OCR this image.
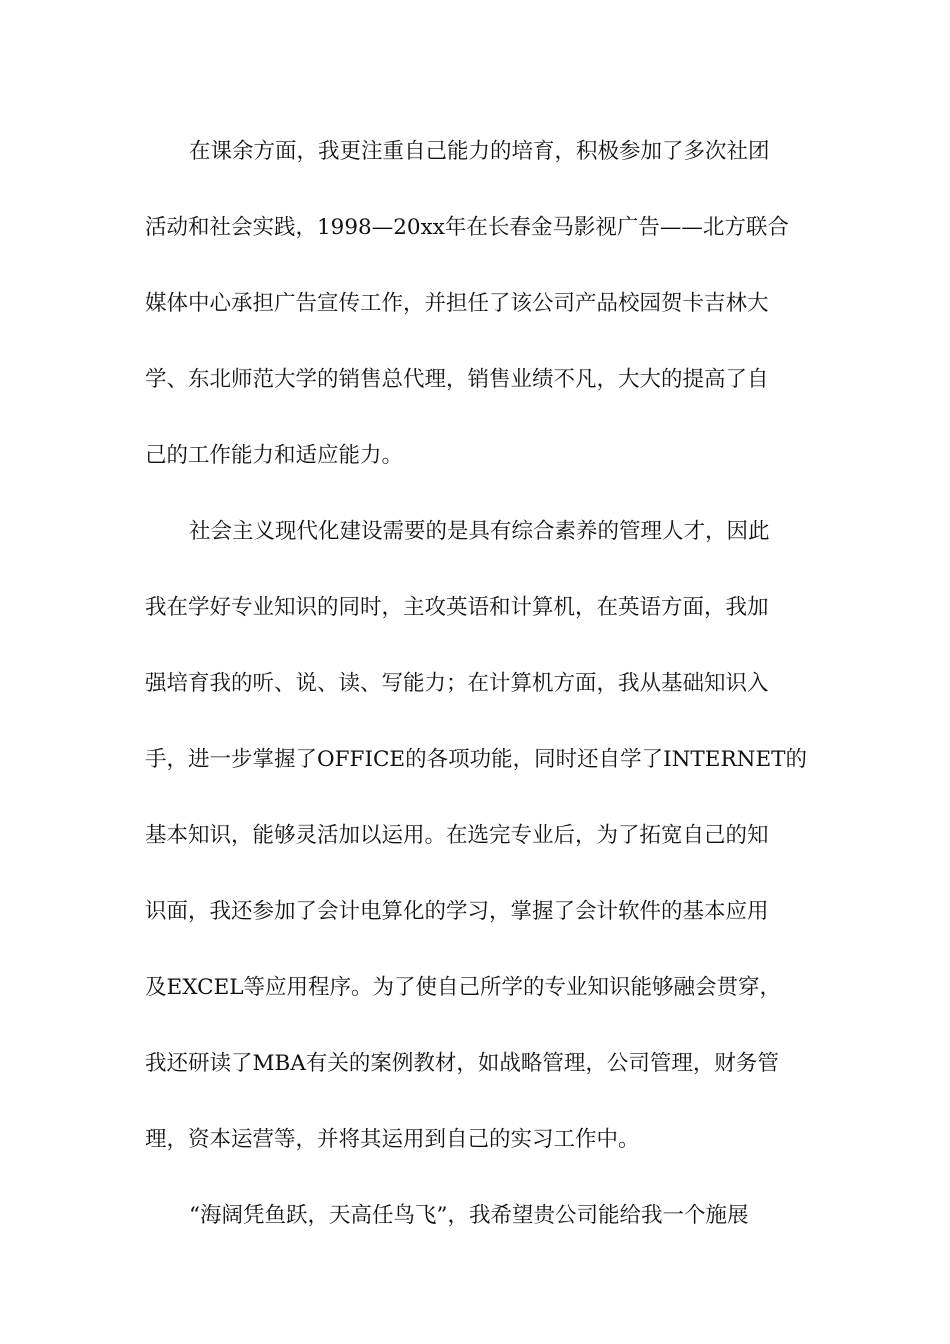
在课余方面，我更注重自己能力的培育，积极参加了多次社团
活动和社会实践，1998—20xx年在长春金马影视广告——北方联合
媒体中心承担广告宣传工作，并担任了该公司产品校园贺卡吉林大
学、东北师范大学的销售总代理，销售业绩不凡，大大的提高了自
己的工作能力和适应能力。
社会主义现代化建设需要的是具有综合素养的管理人才，因此
我在学好专业知识的同时，主攻英语和计算机，在英语方面，我加
强培育我的听、说、读、写能力；在计算机方面，我从基础知识入
手，进一步掌握了OFFICE的各项功能，同时还自学了INTERNET的
基本知识，能够灵活加以运用。在选完专业后，为了拓宽自己的知
识面，我还参加了会计电算化的学习，掌握了会计软件的基本应用
及EXCEL等应用程序。为了使自己所学的专业知识能够融会贯穿，
我还研读了MBA有关的案例教材，如战略管理，公司管理，财务管
理，资本运营等，并将其运用到自己的实习工作中。
“海阔凭鱼跃，天高任鸟飞”，我希望贵公司能给我一个施展
